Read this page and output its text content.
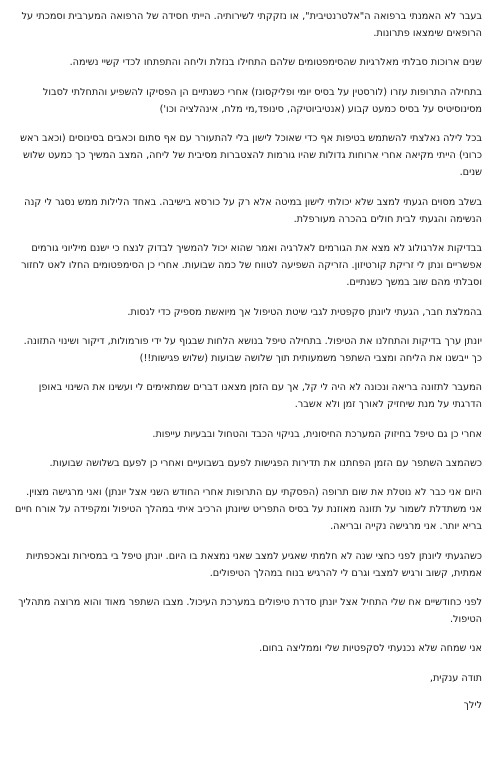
בעבר לא האמנתי ברפואה ה"אלטרנטיבית", או נזקקתי לשירותיה. הייתי חסידה של הרפואה המערבית וסמכתי על הרופאים שימצאו פתרונות.

שנים ארוכות סבלתי מאלרגיות שהסימפטומים שלהם התחילו בנזלת וליחה והתפתחו לכדי קשיי נשימה.

בתחילה התרופות עזרו (לורסטין על בסיס יומי ופליקסונז) אחרי כשנתיים הן הפסיקו להשפיע והתחלתי לסבול מסינוסיטיס על בסיס כמעט קבוע (אנטיביוטיקה, סינופד,מי מלח, אינהלציה וכו')

בכל לילה נאלצתי להשתמש בטיפות אף כדי שאוכל לישון בלי להתעורר עם אף סתום וכאבים בסינוסים (וכאב ראש כרוני) הייתי מקיאה אחרי ארוחות גדולות שהיו גורמות להצטברות מסיבית של ליחה, המצב המשיך כך כמעט שלוש שנים.

בשלב מסוים הגעתי למצב שלא יכולתי לישון במיטה אלא רק על כורסא בישיבה. באחד הלילות ממש נסגר לי קנה הנשימה והגעתי לבית חולים בהכרה מעורפלת.

בבדיקות אלרגולוג לא מצא את הגורמים לאלרגיה ואמר שהוא יכול להמשיך לבדוק לנצח כי ישנם מיליוני גורמים אפשריים ונתן לי זריקת קורטיזון. הזריקה השפיעה לטווח של כמה שבועות. אחרי כן הסימפטומים החלו לאט לחזור וסבלתי מהם שוב במשך כשנתיים.

בהמלצת חבר, הגעתי ליונתן סקפטית לגבי שיטת הטיפול אך מיואשת מספיק כדי לנסות.

יונתן ערך בדיקות והתחלנו את הטיפול. בתחילה טיפל בנושא הלחות שבגוף על ידי פורמולות, דיקור ושינוי התזונה. כך ייבשנו את הליחה ומצבי השתפר משמעותית תוך שלושה שבועות (שלוש פגישות!!)

המעבר לתזונה בריאה ונכונה לא היה לי קל, אך עם הזמן מצאנו דברים שמתאימים לי ועשינו את השינוי באופן הדרגתי על מנת שיחזיק לאורך זמן ולא אשבר.

אחרי כן גם טיפל בחיזוק המערכת החיסונית, בניקוי הכבד והטחול ובבעיות עייפות.

כשהמצב השתפר עם הזמן הפחתנו את תדירות הפגישות לפעם בשבועיים ואחרי כן לפעם בשלושה שבועות.

היום אני כבר לא נוטלת את שום תרופה (הפסקתי עם התרופות אחרי החודש השני אצל יונתן) ואני מרגישה מצוין. אני משתדלת לשמור על תזונה מאוזנת על בסיס התפריט שיונתן הרכיב איתי במהלך הטיפול ומקפידה על אורח חיים בריא יותר. אני מרגישה נקייה ובריאה.

כשהגעתי ליונתן לפני כחצי שנה לא חלמתי שאגיע למצב שאני נמצאת בו היום. יונתן טיפל בי במסירות ובאכפתיות אמתית, קשוב ורגיש למצבי וגרם לי להרגיש בנוח במהלך הטיפולים.

לפני כחודשיים אח שלי התחיל אצל יונתן סדרת טיפולים במערכת העיכול. מצבו השתפר מאוד והוא מרוצה מתהליך הטיפול.

אני שמחה שלא נכנעתי לסקפטיות שלי וממליצה בחום.

תודה ענקית,

לילך
